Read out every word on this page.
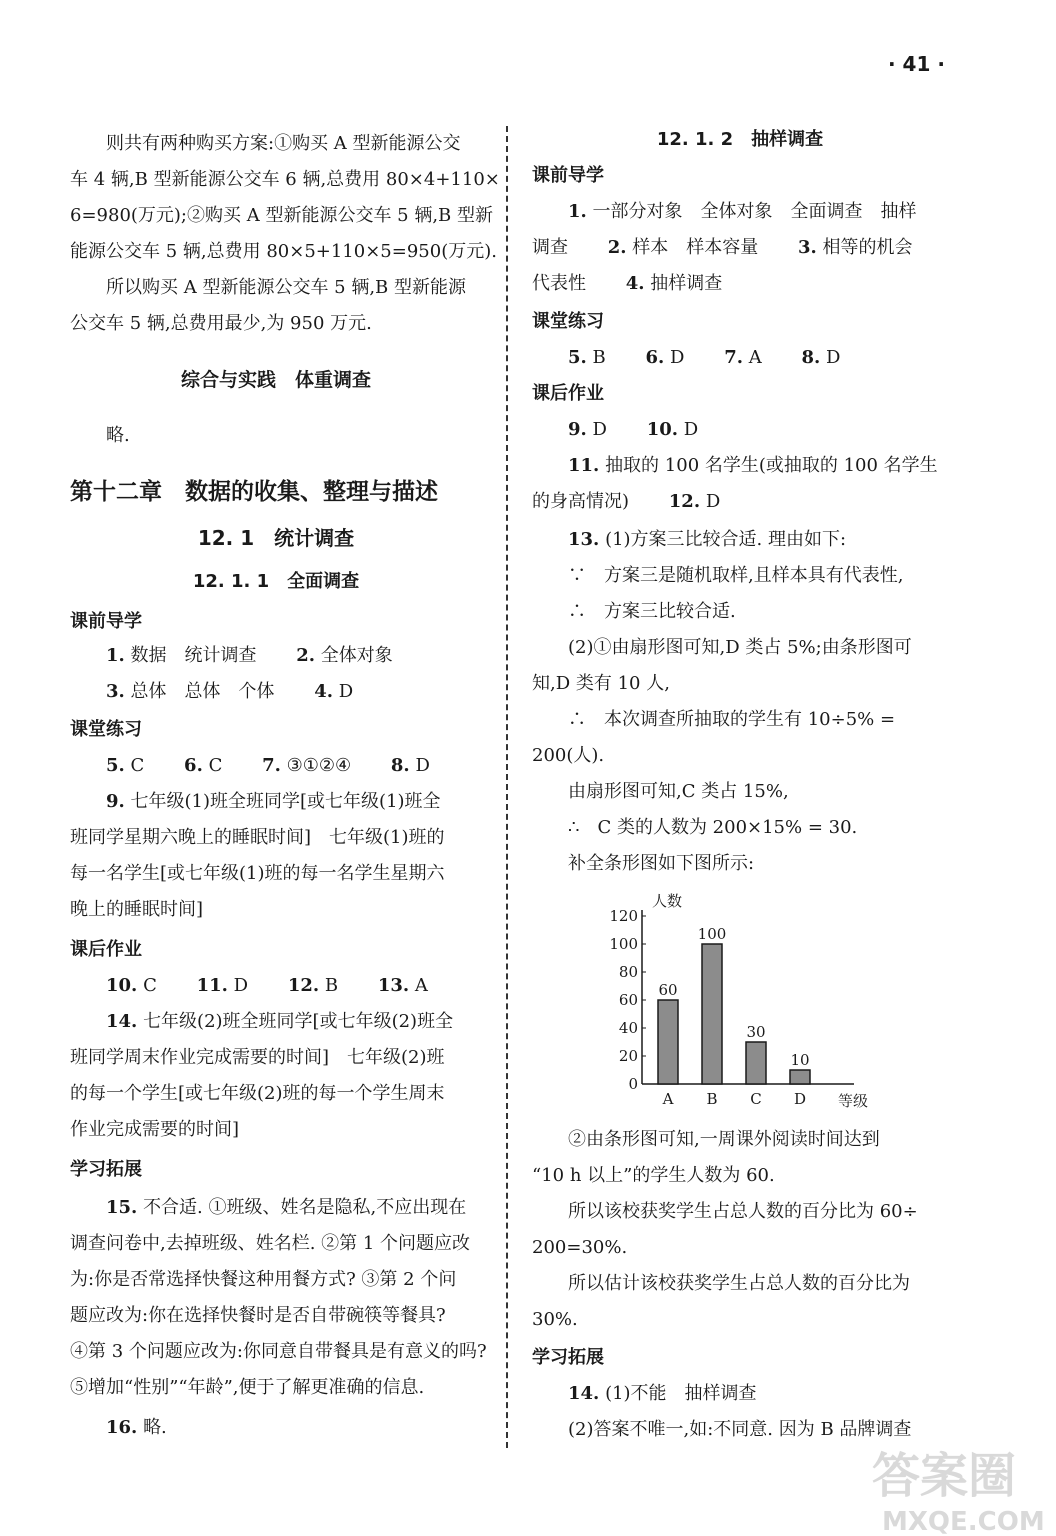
· 41 ·
则共有两种购买方案:①购买 A 型新能源公交
车 4 辆,B 型新能源公交车 6 辆,总费用 80×4+110×
6=980(万元);②购买 A 型新能源公交车 5 辆,B 型新
能源公交车 5 辆,总费用 80×5+110×5=950(万元).
所以购买 A 型新能源公交车 5 辆,B 型新能源
公交车 5 辆,总费用最少,为 950 万元.
综合与实践　体重调查
略.
第十二章　数据的收集、整理与描述
12. 1　统计调查
12. 1. 1　全面调查
课前导学
1. 数据　统计调查 2. 全体对象
3. 总体　总体　个体 4. D
课堂练习
5. C 6. C 7. ③①②④ 8. D
9. 七年级(1)班全班同学[或七年级(1)班全
班同学星期六晚上的睡眠时间]　七年级(1)班的
每一名学生[或七年级(1)班的每一名学生星期六
晚上的睡眠时间]
课后作业
10. C 11. D 12. B 13. A
14. 七年级(2)班全班同学[或七年级(2)班全
班同学周末作业完成需要的时间]　七年级(2)班
的每一个学生[或七年级(2)班的每一个学生周末
作业完成需要的时间]
学习拓展
15. 不合适. ①班级、姓名是隐私,不应出现在
调查问卷中,去掉班级、姓名栏. ②第 1 个问题应改
为:你是否常选择快餐这种用餐方式? ③第 2 个问
题应改为:你在选择快餐时是否自带碗筷等餐具?
④第 3 个问题应改为:你同意自带餐具是有意义的吗?
⑤增加“性别”“年龄”,便于了解更准确的信息.
16. 略.
12. 1. 2　抽样调查
课前导学
1. 一部分对象　全体对象　全面调查　抽样
调查 2. 样本　样本容量 3. 相等的机会
代表性 4. 抽样调查
课堂练习
5. B 6. D 7. A 8. D
课后作业
9. D 10. D
11. 抽取的 100 名学生(或抽取的 100 名学生
的身高情况) 12. D
13. (1)方案三比较合适. 理由如下:
∵　方案三是随机取样,且样本具有代表性,
∴　方案三比较合适.
(2)①由扇形图可知,D 类占 5%;由条形图可
知,D 类有 10 人,
∴　本次调查所抽取的学生有 10÷5% =
200(人).
由扇形图可知,C 类占 15%,
∴　C 类的人数为 200×15% = 30.
补全条形图如下图所示:
②由条形图可知,一周课外阅读时间达到
“10 h 以上”的学生人数为 60.
所以该校获奖学生占总人数的百分比为 60÷
200=30%.
所以估计该校获奖学生占总人数的百分比为
30%.
学习拓展
14. (1)不能　抽样调查
(2)答案不唯一,如:不同意. 因为 B 品牌调查
0
20
40
60
80
100
120
人数
等级
60
A
100
B
30
C
10
D
答案圈
MXQE.COM
